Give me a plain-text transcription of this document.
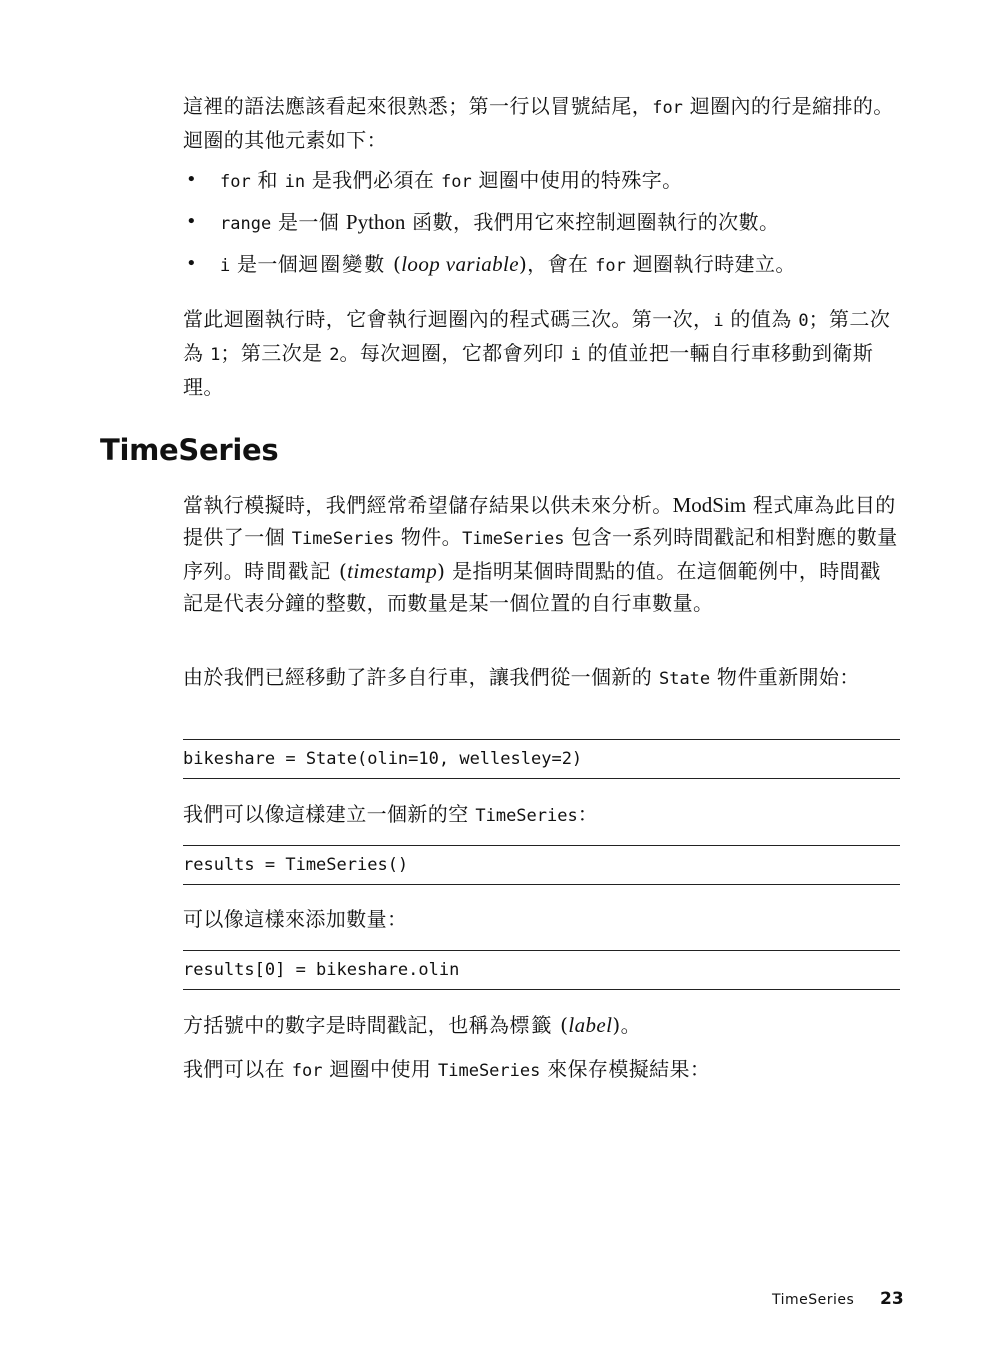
這裡的語法應該看起來很熟悉；第一行以冒號結尾，for 迴圈內的行是縮排的。迴圈的其他元素如下：

• for 和 in 是我們必須在 for 迴圈中使用的特殊字。
• range 是一個 Python 函數，我們用它來控制迴圈執行的次數。
• i 是一個迴圈變數 (loop variable)，會在 for 迴圈執行時建立。

當此迴圈執行時，它會執行迴圈內的程式碼三次。第一次，i 的值為 0；第二次為 1；第三次是 2。每次迴圈，它都會列印 i 的值並把一輛自行車移動到衛斯理。

TimeSeries

當執行模擬時，我們經常希望儲存結果以供未來分析。ModSim 程式庫為此目的提供了一個 TimeSeries 物件。TimeSeries 包含一系列時間戳記和相對應的數量序列。時間戳記 (timestamp) 是指明某個時間點的值。在這個範例中，時間戳記是代表分鐘的整數，而數量是某一個位置的自行車數量。

由於我們已經移動了許多自行車，讓我們從一個新的 State 物件重新開始：

bikeshare = State(olin=10, wellesley=2)

我們可以像這樣建立一個新的空 TimeSeries：

results = TimeSeries()

可以像這樣來添加數量：

results[0] = bikeshare.olin

方括號中的數字是時間戳記，也稱為標籤 (label)。

我們可以在 for 迴圈中使用 TimeSeries 來保存模擬結果：

TimeSeries 23
